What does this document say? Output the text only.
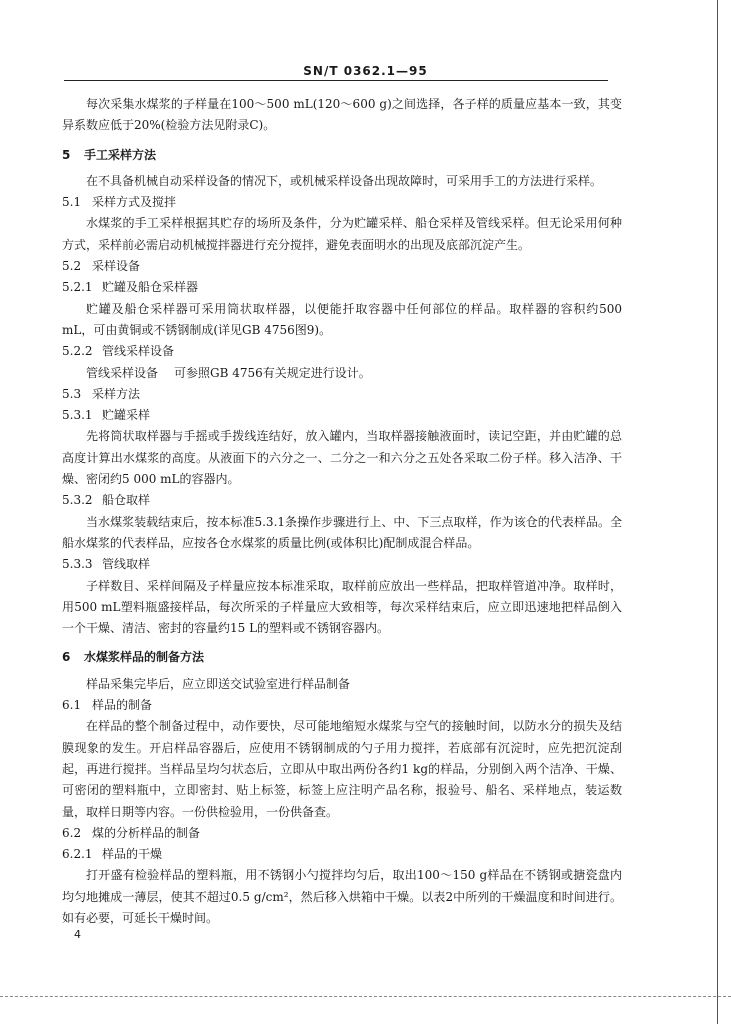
SN/T 0362.1—95

每次采集水煤浆的子样量在100～500 mL(120～600 g)之间选择，各子样的质量应基本一致，其变异系数应低于20%(检验方法见附录C)。

5 手工采样方法

在不具备机械自动采样设备的情况下，或机械采样设备出现故障时，可采用手工的方法进行采样。

5.1 采样方式及搅拌

水煤浆的手工采样根据其贮存的场所及条件，分为贮罐采样、船仓采样及管线采样。但无论采用何种方式，采样前必需启动机械搅拌器进行充分搅拌，避免表面明水的出现及底部沉淀产生。

5.2 采样设备

5.2.1 贮罐及船仓采样器

贮罐及船仓采样器可采用筒状取样器，以便能扦取容器中任何部位的样品。取样器的容积约500 mL，可由黄铜或不锈钢制成(详见GB 4756图9)。

5.2.2 管线采样设备

管线采样设备 可参照GB 4756有关规定进行设计。

5.3 采样方法

5.3.1 贮罐采样

先将筒状取样器与手摇或手拨线连结好，放入罐内，当取样器接触液面时，读记空距，并由贮罐的总高度计算出水煤浆的高度。从液面下的六分之一、二分之一和六分之五处各采取二份子样。移入洁净、干燥、密闭约5 000 mL的容器内。

5.3.2 船仓取样

当水煤浆装载结束后，按本标准5.3.1条操作步骤进行上、中、下三点取样，作为该仓的代表样品。全船水煤浆的代表样品，应按各仓水煤浆的质量比例(或体积比)配制成混合样品。

5.3.3 管线取样

子样数目、采样间隔及子样量应按本标准采取，取样前应放出一些样品，把取样管道冲净。取样时，用500 mL塑料瓶盛接样品，每次所采的子样量应大致相等，每次采样结束后，应立即迅速地把样品倒入一个干燥、清洁、密封的容量约15 L的塑料或不锈钢容器内。

6 水煤浆样品的制备方法

样品采集完毕后，应立即送交试验室进行样品制备

6.1 样品的制备

在样品的整个制备过程中，动作要快，尽可能地缩短水煤浆与空气的接触时间，以防水分的损失及结膜现象的发生。开启样品容器后，应使用不锈钢制成的勺子用力搅拌，若底部有沉淀时，应先把沉淀刮起，再进行搅拌。当样品呈均匀状态后，立即从中取出两份各约1 kg的样品，分别倒入两个洁净、干燥、可密闭的塑料瓶中，立即密封、贴上标签，标签上应注明产品名称，报验号、船名、采样地点，装运数量，取样日期等内容。一份供检验用，一份供备查。

6.2 煤的分析样品的制备

6.2.1 样品的干燥

打开盛有检验样品的塑料瓶，用不锈钢小勺搅拌均匀后，取出100～150 g样品在不锈钢或搪瓷盘内均匀地摊成一薄层，使其不超过0.5 g/cm²，然后移入烘箱中干燥。以表2中所列的干燥温度和时间进行。如有必要，可延长干燥时间。

4
